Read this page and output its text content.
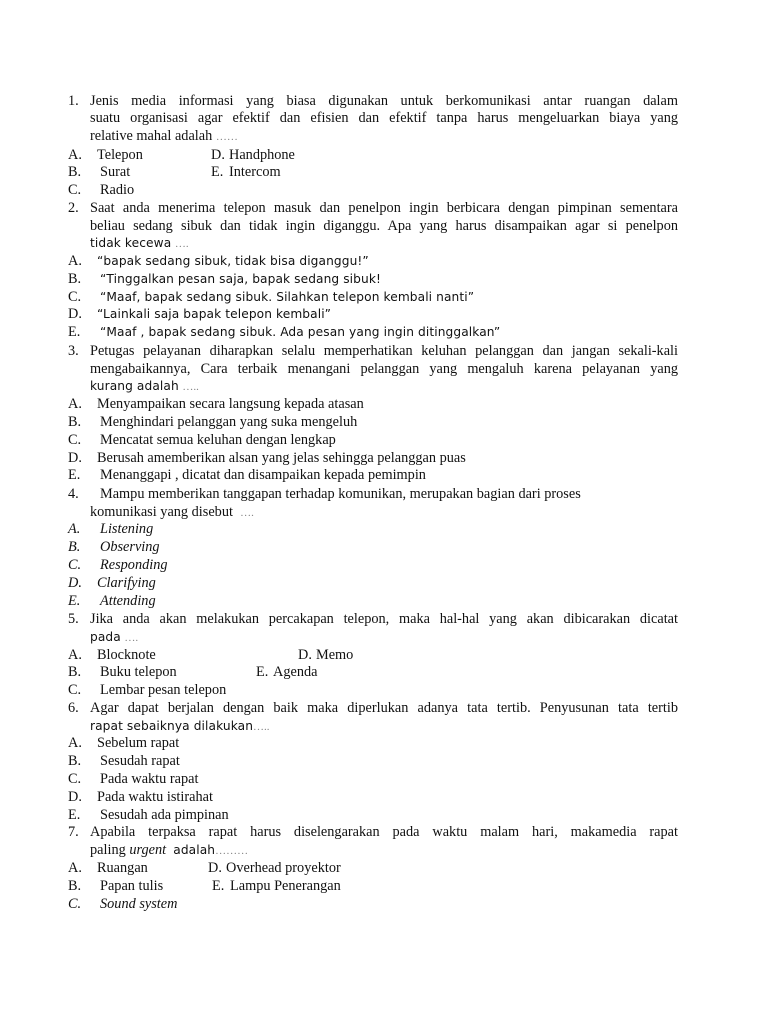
1. Jenis media informasi yang biasa digunakan untuk berkomunikasi antar ruangan dalam
suatu organisasi agar efektif dan efisien dan efektif tanpa harus mengeluarkan biaya yang
relative mahal adalah ……
A. Telepon	D. Handphone
B. Surat	E. Intercom
C. Radio
2. Saat anda menerima telepon masuk dan penelpon ingin berbicara dengan pimpinan sementara
beliau sedang sibuk dan tidak ingin diganggu. Apa yang harus disampaikan agar si penelpon
tidak kecewa ….
A. “bapak sedang sibuk, tidak bisa diganggu!”
B. “Tinggalkan pesan saja, bapak sedang sibuk!
C. “Maaf, bapak sedang sibuk. Silahkan telepon kembali nanti”
D. “Lainkali saja bapak telepon kembali”
E. “Maaf , bapak sedang sibuk. Ada pesan yang ingin ditinggalkan”
3. Petugas pelayanan diharapkan selalu memperhatikan keluhan pelanggan dan jangan sekali-kali
mengabaikannya, Cara terbaik menangani pelanggan yang mengaluh karena pelayanan yang
kurang adalah …..
A. Menyampaikan secara langsung kepada atasan
B. Menghindari pelanggan yang suka mengeluh
C. Mencatat semua keluhan dengan lengkap
D. Berusah amemberikan alsan yang jelas sehingga pelanggan puas
E. Menanggapi , dicatat dan disampaikan kepada pemimpin
4. Mampu memberikan tanggapan terhadap komunikan, merupakan bagian dari proses
komunikasi yang disebut ….
A. Listening
B. Observing
C. Responding
D. Clarifying
E. Attending
5. Jika anda akan melakukan percakapan telepon, maka hal-hal yang akan dibicarakan dicatat
pada ….
A. Blocknote	D. Memo
B. Buku telepon	E. Agenda
C. Lembar pesan telepon
6. Agar dapat berjalan dengan baik maka diperlukan adanya tata tertib. Penyusunan tata tertib
rapat sebaiknya dilakukan…..
A. Sebelum rapat
B. Sesudah rapat
C. Pada waktu rapat
D. Pada waktu istirahat
E. Sesudah ada pimpinan
7. Apabila terpaksa rapat harus diselengarakan pada waktu malam hari, makamedia rapat
paling urgent adalah………
A. Ruangan	D. Overhead proyektor
B. Papan tulis	E. Lampu Penerangan
C. Sound system
